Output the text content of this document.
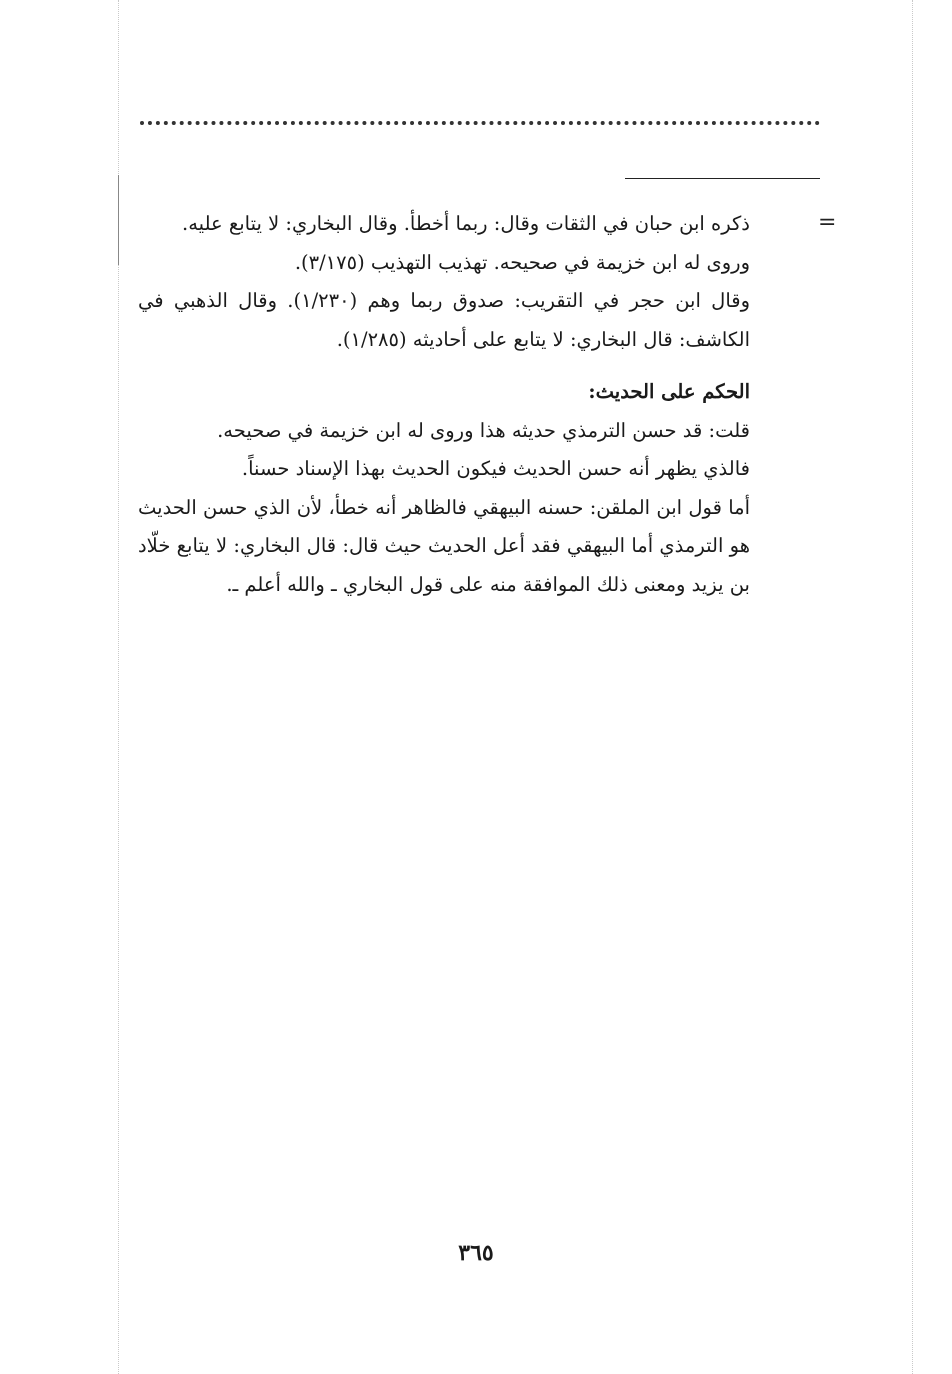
=

ذكره ابن حبان في الثقات وقال: ربما أخطأ. وقال البخاري: لا يتابع عليه.

وروى له ابن خزيمة في صحيحه. تهذيب التهذيب (٣/١٧٥).

وقال ابن حجر في التقريب: صدوق ربما وهم (١/٢٣٠). وقال الذهبي في الكاشف: قال البخاري: لا يتابع على أحاديثه (١/٢٨٥).

الحكم على الحديث:

قلت: قد حسن الترمذي حديثه هذا وروى له ابن خزيمة في صحيحه.

فالذي يظهر أنه حسن الحديث فيكون الحديث بهذا الإسناد حسناً.

أما قول ابن الملقن: حسنه البيهقي فالظاهر أنه خطأ، لأن الذي حسن الحديث هو الترمذي أما البيهقي فقد أعل الحديث حيث قال: قال البخاري: لا يتابع خلّاد بن يزيد ومعنى ذلك الموافقة منه على قول البخاري ـ والله أعلم ـ.

٣٦٥
